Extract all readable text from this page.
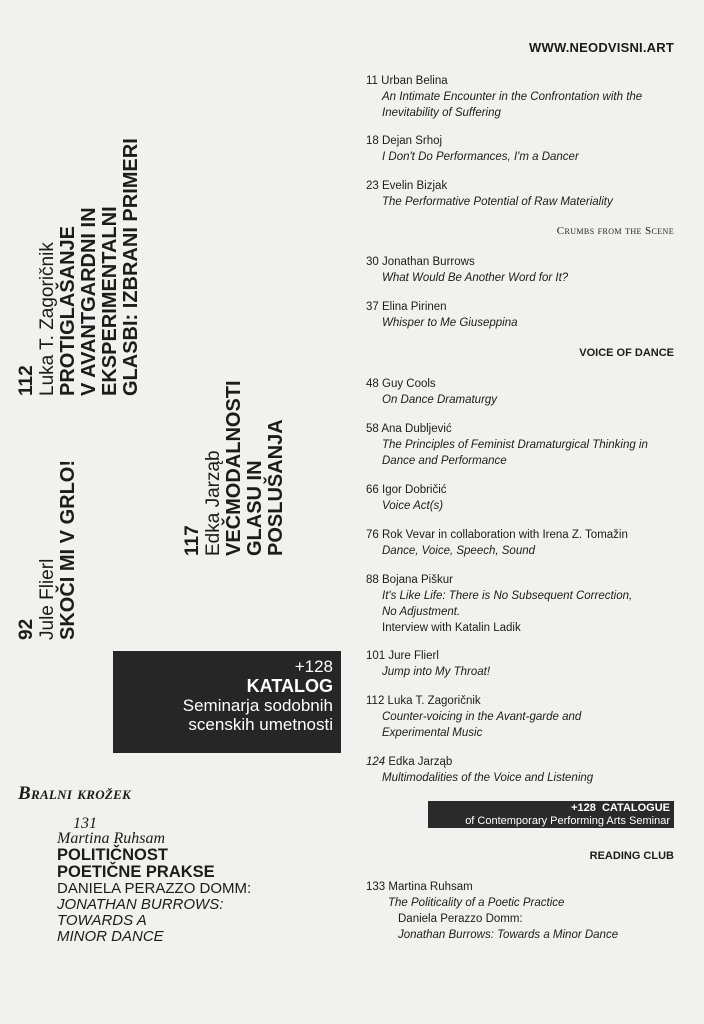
WWW.NEODVISNI.ART
11 Urban Belina
An Intimate Encounter in the Confrontation with the
Inevitability of Suffering
18 Dejan Srhoj
I Don't Do Performances, I'm a Dancer
23 Evelin Bizjak
The Performative Potential of Raw Materiality
Crumbs from the Scene
30 Jonathan Burrows
What Would Be Another Word for It?
37 Elina Pirinen
Whisper to Me Giuseppina
VOICE OF DANCE
48 Guy Cools
On Dance Dramaturgy
58 Ana Dubljević
The Principles of Feminist Dramaturgical Thinking in
Dance and Performance
66 Igor Dobričić
Voice Act(s)
76 Rok Vevar in collaboration with Irena Z. Tomažin
Dance, Voice, Speech, Sound
88 Bojana Piškur
It's Like Life: There is No Subsequent Correction,
No Adjustment.
Interview with Katalin Ladik
101 Jure Flierl
Jump into My Throat!
112 Luka T. Zagoričnik
Counter-voicing in the Avant-garde and
Experimental Music
124 Edka Jarząb
Multimodalities of the Voice and Listening
+128 CATALOGUE
of Contemporary Performing Arts Seminar
READING CLUB
133 Martina Ruhsam
The Politicality of a Poetic Practice
Daniela Perazzo Domm:
Jonathan Burrows: Towards a Minor Dance
112 Luka T. Zagoričnik PROTIGLAŠANJE V AVANTGARDNI IN EKSPERIMENTALNI GLASBI: IZBRANI PRIMERI
92 Jule Flierl SKOČI MI V GRLO!	117 Edka Jarząb VEČMODALNOSTI GLASU IN POSLUŠANJA
+128
KATALOG
Seminarja sodobnih
scenskih umetnosti
Bralni krožek
131
Martina Ruhsam
POLITIČNOST
POETIČNE PRAKSE
DANIELA PERAZZO DOMM:
JONATHAN BURROWS:
TOWARDS A
MINOR DANCE
